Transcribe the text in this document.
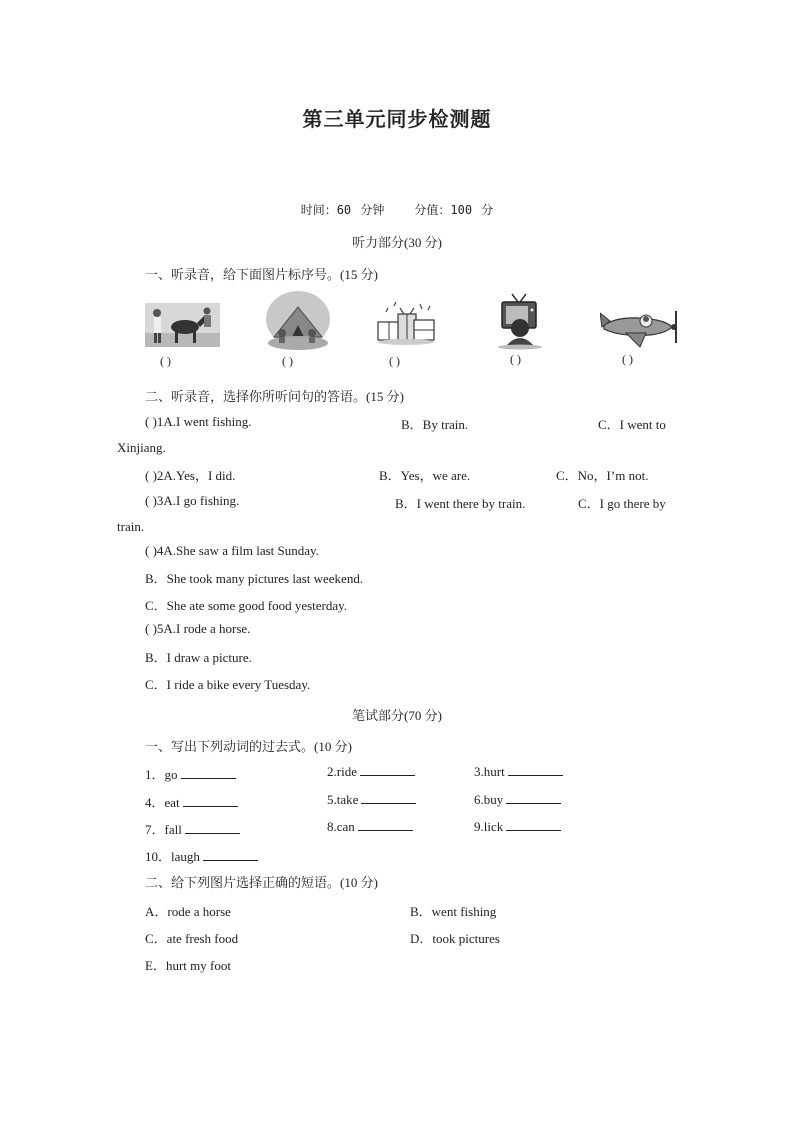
第三单元同步检测题
时间：60 分钟	分值：100 分
听力部分(30 分)
一、听录音，给下面图片标序号。(15 分)
( )	( )	( )	( )	( )
二、听录音，选择你所听问句的答语。(15 分)
( )1A.I went fishing.	B．By train.	C．I went to
Xinjiang.
( )2A.Yes，I did.	B．Yes，we are.	C．No，I’m not.
( )3A.I go fishing.	B．I went there by train.	C．I go there by
train.
( )4A.She saw a film last Sunday.
B．She took many pictures last weekend.
C．She ate some good food yesterday.
( )5A.I rode a horse.
B．I draw a picture.
C．I ride a bike every Tuesday.
笔试部分(70 分)
一、写出下列动词的过去式。(10 分)
1．go	2.ride	3.hurt
4．eat	5.take	6.buy
7．fall	8.can	9.lick
10．laugh
二、给下列图片选择正确的短语。(10 分)
A．rode a horse	B．went fishing
C．ate fresh food	D．took pictures
E．hurt my foot
